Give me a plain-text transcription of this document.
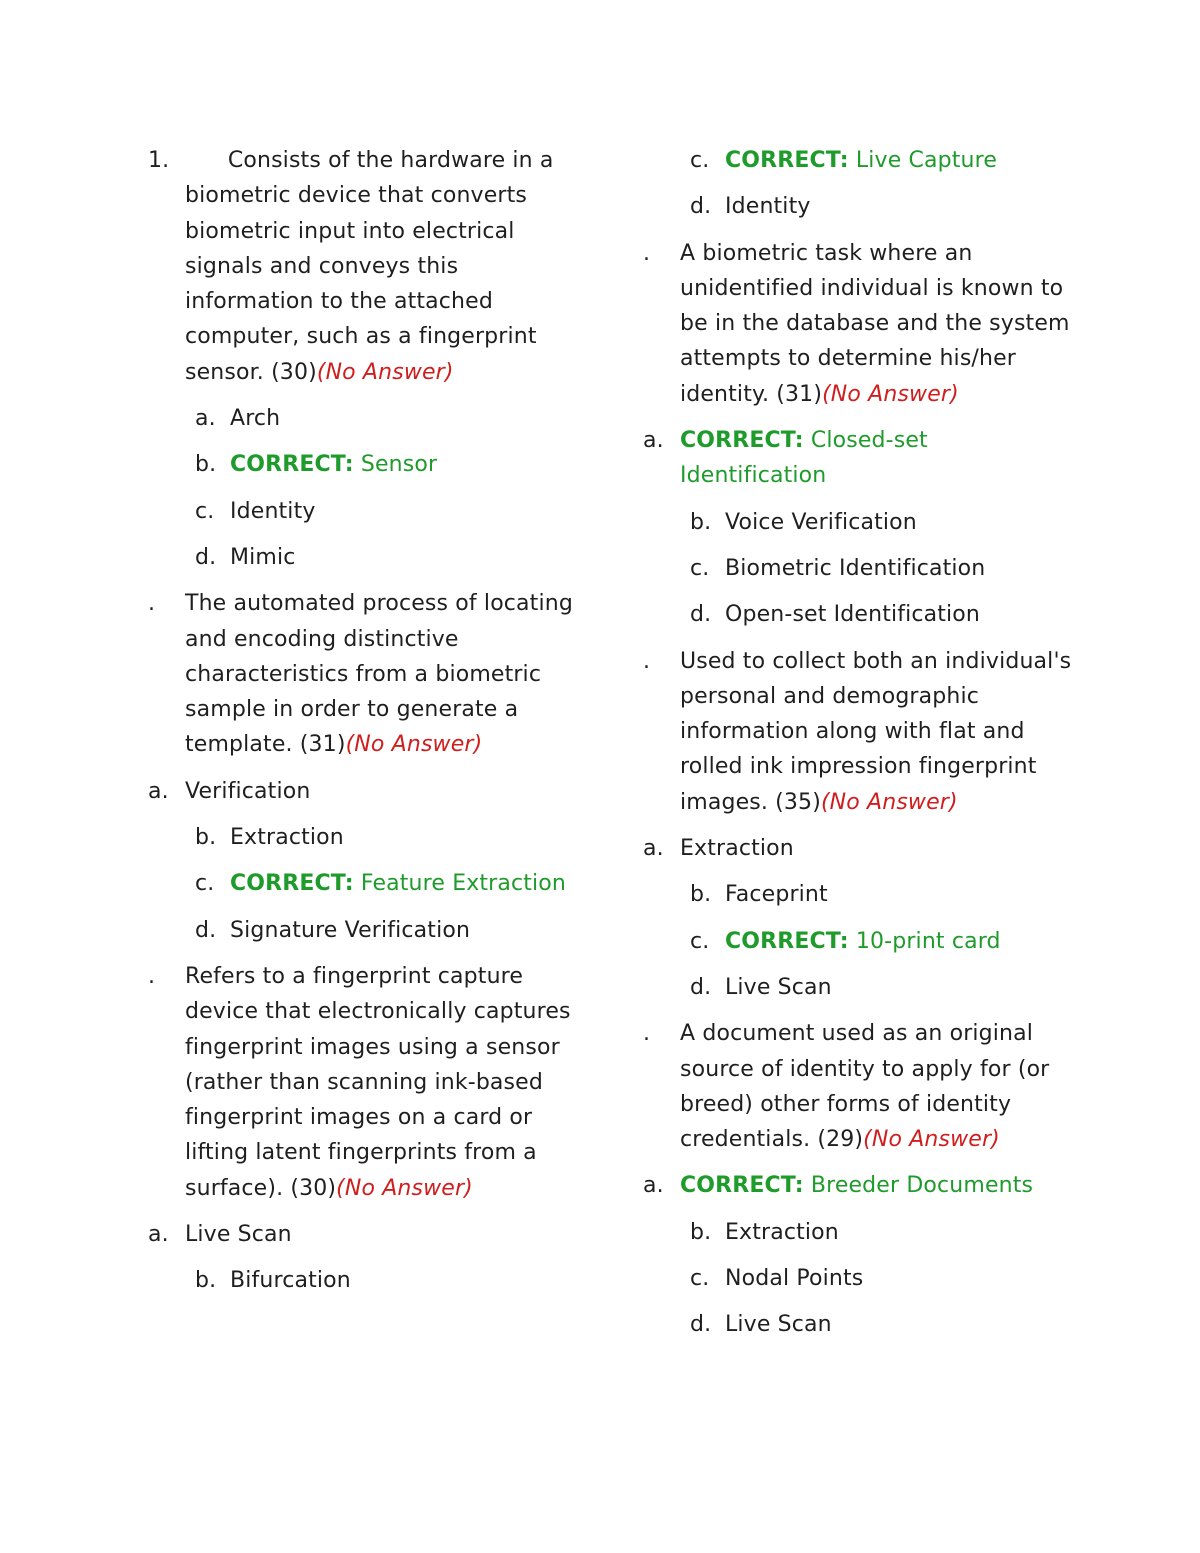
1. Consists of the hardware in a biometric device that converts biometric input into electrical signals and conveys this information to the attached computer, such as a fingerprint sensor. (30)(No Answer)
a. Arch
b. CORRECT: Sensor
c. Identity
d. Mimic
. The automated process of locating and encoding distinctive characteristics from a biometric sample in order to generate a template. (31)(No Answer)
a. Verification
b. Extraction
c. CORRECT: Feature Extraction
d. Signature Verification
. Refers to a fingerprint capture device that electronically captures fingerprint images using a sensor (rather than scanning ink-based fingerprint images on a card or lifting latent fingerprints from a surface). (30)(No Answer)
a. Live Scan
b. Bifurcation
c. CORRECT: Live Capture
d. Identity
. A biometric task where an unidentified individual is known to be in the database and the system attempts to determine his/her identity. (31)(No Answer)
a. CORRECT: Closed-set Identification
b. Voice Verification
c. Biometric Identification
d. Open-set Identification
. Used to collect both an individual's personal and demographic information along with flat and rolled ink impression fingerprint images. (35)(No Answer)
a. Extraction
b. Faceprint
c. CORRECT: 10-print card
d. Live Scan
. A document used as an original source of identity to apply for (or breed) other forms of identity credentials. (29)(No Answer)
a. CORRECT: Breeder Documents
b. Extraction
c. Nodal Points
d. Live Scan
